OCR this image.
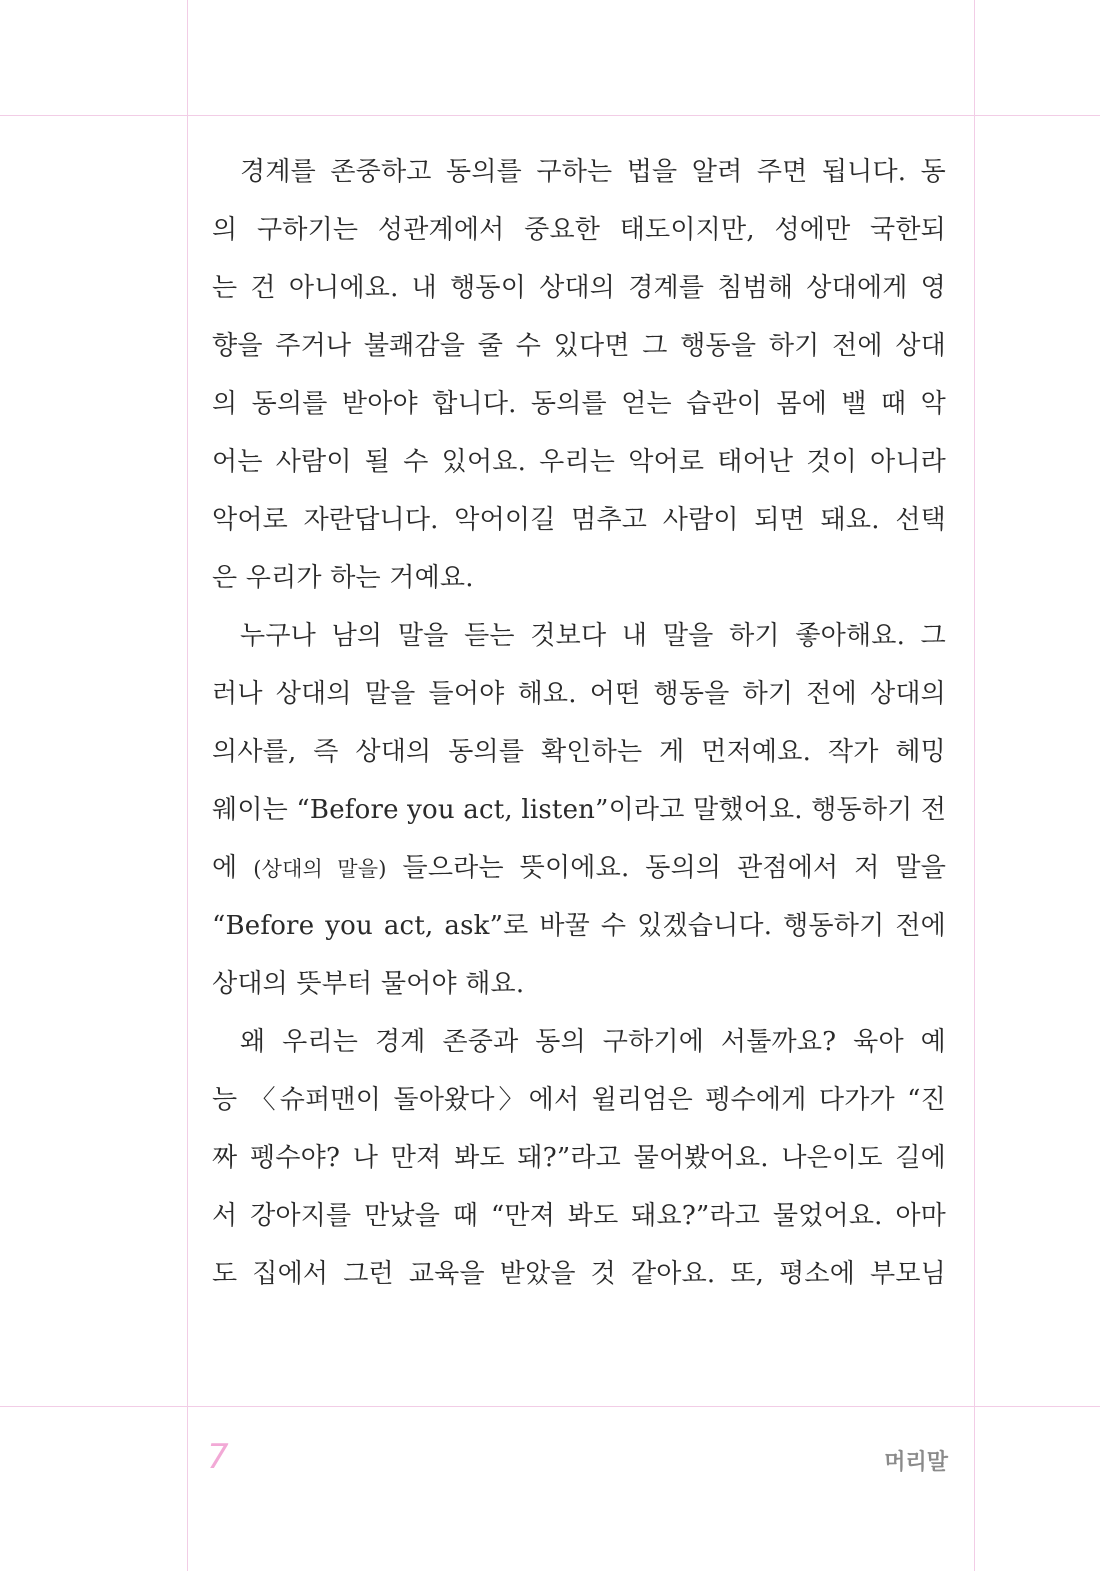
경계를 존중하고 동의를 구하는 법을 알려 주면 됩니다. 동
의 구하기는 성관계에서 중요한 태도이지만, 성에만 국한되
는 건 아니에요. 내 행동이 상대의 경계를 침범해 상대에게 영
향을 주거나 불쾌감을 줄 수 있다면 그 행동을 하기 전에 상대
의 동의를 받아야 합니다. 동의를 얻는 습관이 몸에 밸 때 악
어는 사람이 될 수 있어요. 우리는 악어로 태어난 것이 아니라
악어로 자란답니다. 악어이길 멈추고 사람이 되면 돼요. 선택
은 우리가 하는 거예요.
누구나 남의 말을 듣는 것보다 내 말을 하기 좋아해요. 그
러나 상대의 말을 들어야 해요. 어떤 행동을 하기 전에 상대의
의사를, 즉 상대의 동의를 확인하는 게 먼저예요. 작가 헤밍
웨이는 “Before you act, listen”이라고 말했어요. 행동하기 전
에 (상대의 말을) 들으라는 뜻이에요. 동의의 관점에서 저 말을
“Before you act, ask”로 바꿀 수 있겠습니다. 행동하기 전에
상대의 뜻부터 물어야 해요.
왜 우리는 경계 존중과 동의 구하기에 서툴까요? 육아 예
능 〈슈퍼맨이 돌아왔다〉에서 윌리엄은 펭수에게 다가가 “진
짜 펭수야? 나 만져 봐도 돼?”라고 물어봤어요. 나은이도 길에
서 강아지를 만났을 때 “만져 봐도 돼요?”라고 물었어요. 아마
도 집에서 그런 교육을 받았을 것 같아요. 또, 평소에 부모님
7	머리말
